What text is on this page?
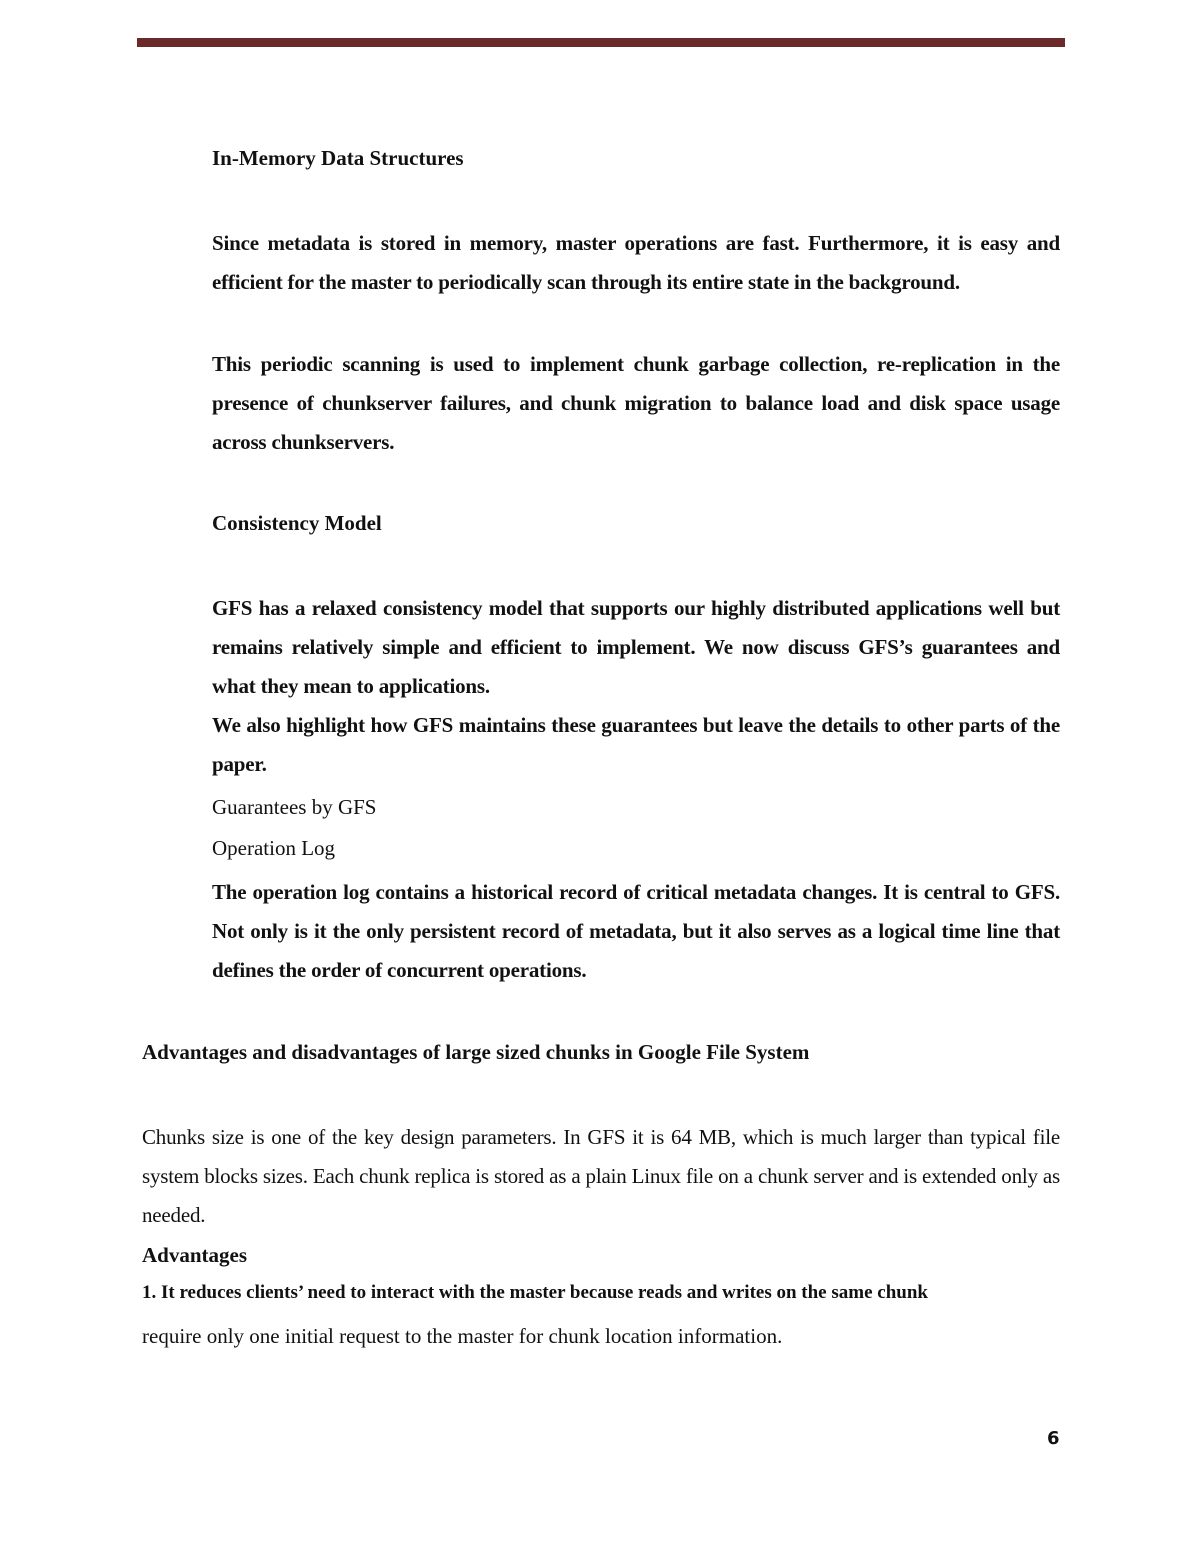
In-Memory Data Structures

Since metadata is stored in memory, master operations are fast. Furthermore, it is easy and efficient for the master to periodically scan through its entire state in the background.

This periodic scanning is used to implement chunk garbage collection, re-replication in the presence of chunkserver failures, and chunk migration to balance load and disk space usage across chunkservers.

Consistency Model

GFS has a relaxed consistency model that supports our highly distributed applications well but remains relatively simple and efficient to implement. We now discuss GFS’s guarantees and what they mean to applications.

We also highlight how GFS maintains these guarantees but leave the details to other parts of the paper.

Guarantees by GFS

Operation Log

The operation log contains a historical record of critical metadata changes. It is central to GFS. Not only is it the only persistent record of metadata, but it also serves as a logical time line that defines the order of concurrent operations.

Advantages and disadvantages of large sized chunks in Google File System

Chunks size is one of the key design parameters. In GFS it is 64 MB, which is much larger than typical file system blocks sizes. Each chunk replica is stored as a plain Linux file on a chunk server and is extended only as needed.

Advantages

1. It reduces clients’ need to interact with the master because reads and writes on the same chunk

require only one initial request to the master for chunk location information.

6
